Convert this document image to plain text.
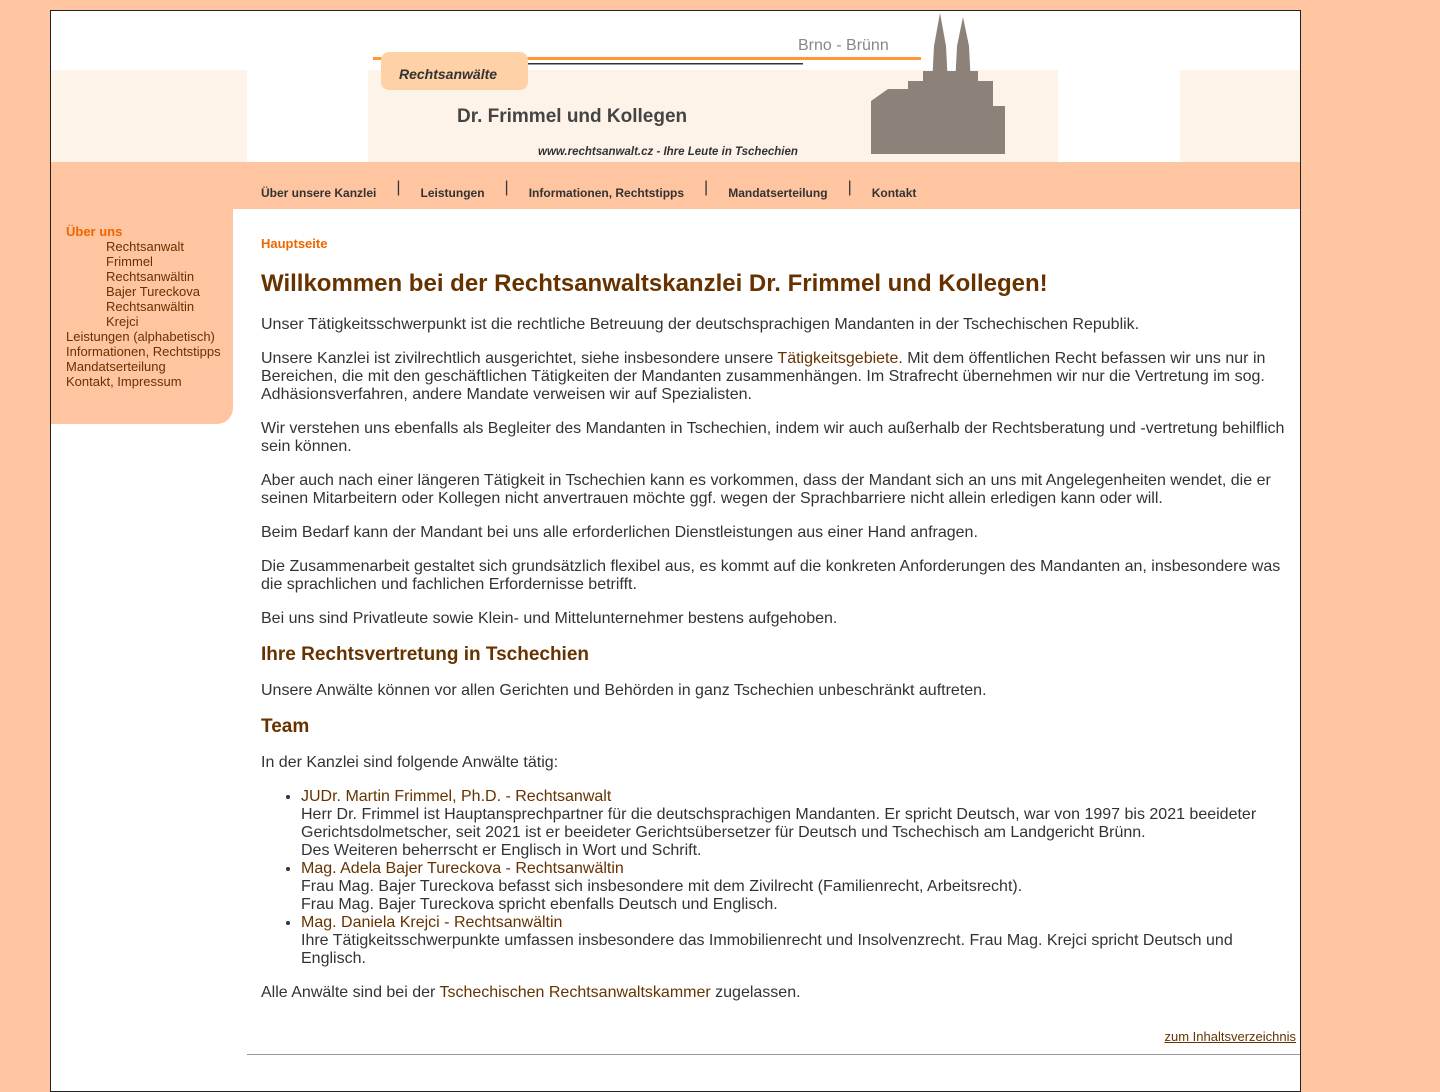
Rechtsanwälte
Brno - Brünn
Dr. Frimmel und Kollegen
www.rechtsanwalt.cz - Ihre Leute in Tschechien
Über unsere Kanzlei | Leistungen | Informationen, Rechtstipps | Mandatserteilung | Kontakt
Über uns
Rechtsanwalt
Frimmel
Rechtsanwältin
Bajer Tureckova
Rechtsanwältin
Krejci
Leistungen (alphabetisch)
Informationen, Rechtstipps
Mandatserteilung
Kontakt, Impressum
Hauptseite
Willkommen bei der Rechtsanwaltskanzlei Dr. Frimmel und Kollegen!

Unser Tätigkeitsschwerpunkt ist die rechtliche Betreuung der deutschsprachigen Mandanten in der Tschechischen Republik.

Unsere Kanzlei ist zivilrechtlich ausgerichtet, siehe insbesondere unsere Tätigkeitsgebiete. Mit dem öffentlichen Recht befassen wir uns nur in Bereichen, die mit den geschäftlichen Tätigkeiten der Mandanten zusammenhängen. Im Strafrecht übernehmen wir nur die Vertretung im sog. Adhäsionsverfahren, andere Mandate verweisen wir auf Spezialisten.

Wir verstehen uns ebenfalls als Begleiter des Mandanten in Tschechien, indem wir auch außerhalb der Rechtsberatung und -vertretung behilflich sein können.

Aber auch nach einer längeren Tätigkeit in Tschechien kann es vorkommen, dass der Mandant sich an uns mit Angelegenheiten wendet, die er seinen Mitarbeitern oder Kollegen nicht anvertrauen möchte ggf. wegen der Sprachbarriere nicht allein erledigen kann oder will.

Beim Bedarf kann der Mandant bei uns alle erforderlichen Dienstleistungen aus einer Hand anfragen.

Die Zusammenarbeit gestaltet sich grundsätzlich flexibel aus, es kommt auf die konkreten Anforderungen des Mandanten an, insbesondere was die sprachlichen und fachlichen Erfordernisse betrifft.

Bei uns sind Privatleute sowie Klein- und Mittelunternehmer bestens aufgehoben.

Ihre Rechtsvertretung in Tschechien

Unsere Anwälte können vor allen Gerichten und Behörden in ganz Tschechien unbeschränkt auftreten.

Team

In der Kanzlei sind folgende Anwälte tätig:

• JUDr. Martin Frimmel, Ph.D. - Rechtsanwalt
Herr Dr. Frimmel ist Hauptansprechpartner für die deutschsprachigen Mandanten. Er spricht Deutsch, war von 1997 bis 2021 beeideter Gerichtsdolmetscher, seit 2021 ist er beeideter Gerichtsübersetzer für Deutsch und Tschechisch am Landgericht Brünn.
Des Weiteren beherrscht er Englisch in Wort und Schrift.
• Mag. Adela Bajer Tureckova - Rechtsanwältin
Frau Mag. Bajer Tureckova befasst sich insbesondere mit dem Zivilrecht (Familienrecht, Arbeitsrecht).
Frau Mag. Bajer Tureckova spricht ebenfalls Deutsch und Englisch.
• Mag. Daniela Krejci - Rechtsanwältin
Ihre Tätigkeitsschwerpunkte umfassen insbesondere das Immobilienrecht und Insolvenzrecht. Frau Mag. Krejci spricht Deutsch und Englisch.

Alle Anwälte sind bei der Tschechischen Rechtsanwaltskammer zugelassen.

zum Inhaltsverzeichnis
